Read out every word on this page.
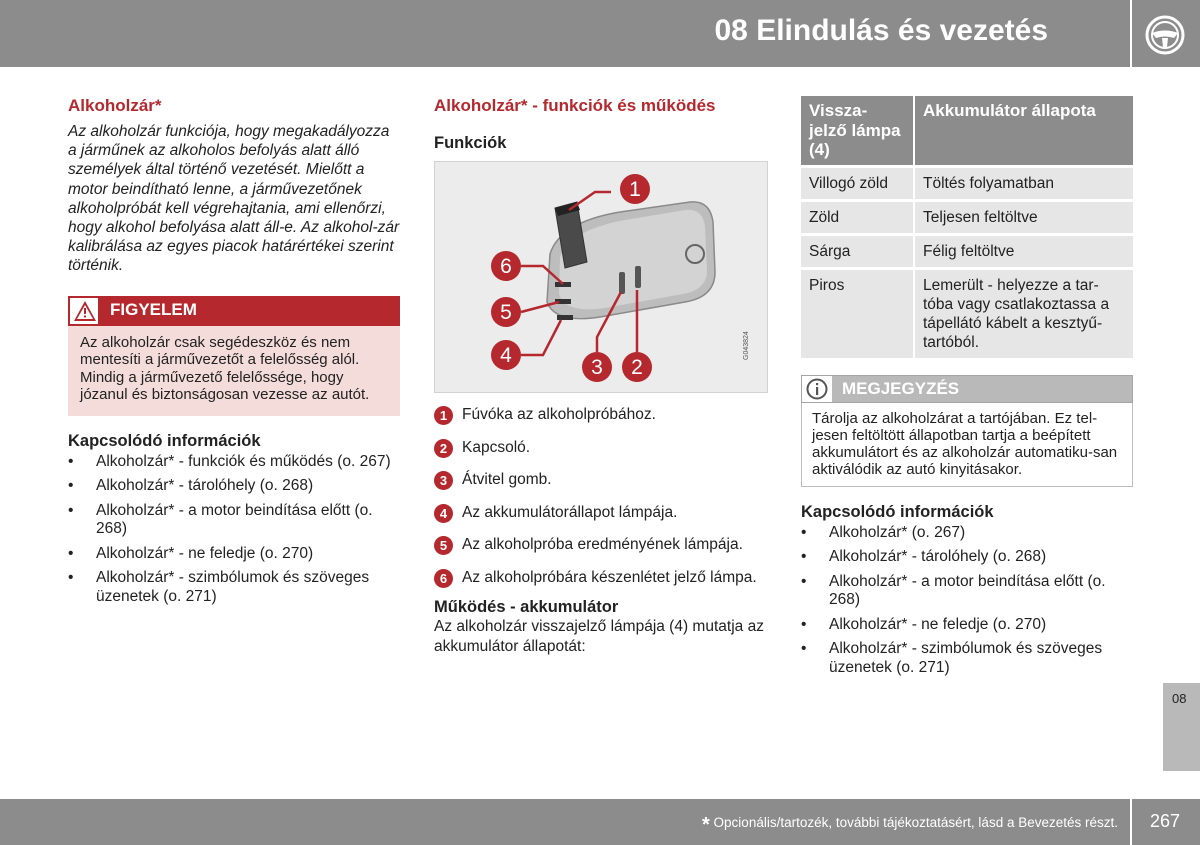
08 Elindulás és vezetés
Alkoholzár*

Az alkoholzár funkciója, hogy megakadályozza a járműnek az alkoholos befolyás alatt álló személyek által történő vezetését. Mielőtt a motor beindítható lenne, a járművezetőnek alkoholpróbát kell végrehajtania, ami ellenőrzi, hogy alkohol befolyása alatt áll-e. Az alkohol-zár kalibrálása az egyes piacok határértékei szerint történik.

FIGYELEM
Az alkoholzár csak segédeszköz és nem mentesíti a járművezetőt a felelősség alól. Mindig a járművezető felelőssége, hogy józanul és biztonságosan vezesse az autót.
Kapcsolódó információk
• Alkoholzár* - funkciók és működés (o. 267)
• Alkoholzár* - tárolóhely (o. 268)
• Alkoholzár* - a motor beindítása előtt (o. 268)
• Alkoholzár* - ne feledje (o. 270)
• Alkoholzár* - szimbólumok és szöveges üzenetek (o. 271)
Alkoholzár* - funkciók és működés
Funkciók
1
6
5
4
3 2
G043824
1 Fúvóka az alkoholpróbához.
2 Kapcsoló.
3 Átvitel gomb.
4 Az akkumulátorállapot lámpája.
5 Az alkoholpróba eredményének lámpája.
6 Az alkoholpróbára készenlétet jelző lámpa.
Működés - akkumulátor

Az alkoholzár visszajelző lámpája (4) mutatja az akkumulátor állapotát:

Vissza-jelző lámpa (4)	Akkumulátor állapota
Villogó zöld	Töltés folyamatban
Zöld	Teljesen feltöltve
Sárga	Félig feltöltve
Piros	Lemerült - helyezze a tar-tóba vagy csatlakoztassa a tápellátó kábelt a kesztyű-tartóból.
MEGJEGYZÉS
Tárolja az alkoholzárat a tartójában. Ez tel-jesen feltöltött állapotban tartja a beépített akkumulátort és az alkoholzár automatiku-san aktiválódik az autó kinyitásakor.
Kapcsolódó információk
• Alkoholzár* (o. 267)
• Alkoholzár* - tárolóhely (o. 268)
• Alkoholzár* - a motor beindítása előtt (o. 268)
• Alkoholzár* - ne feledje (o. 270)
• Alkoholzár* - szimbólumok és szöveges üzenetek (o. 271)
08
* Opcionális/tartozék, további tájékoztatásért, lásd a Bevezetés részt. 267
